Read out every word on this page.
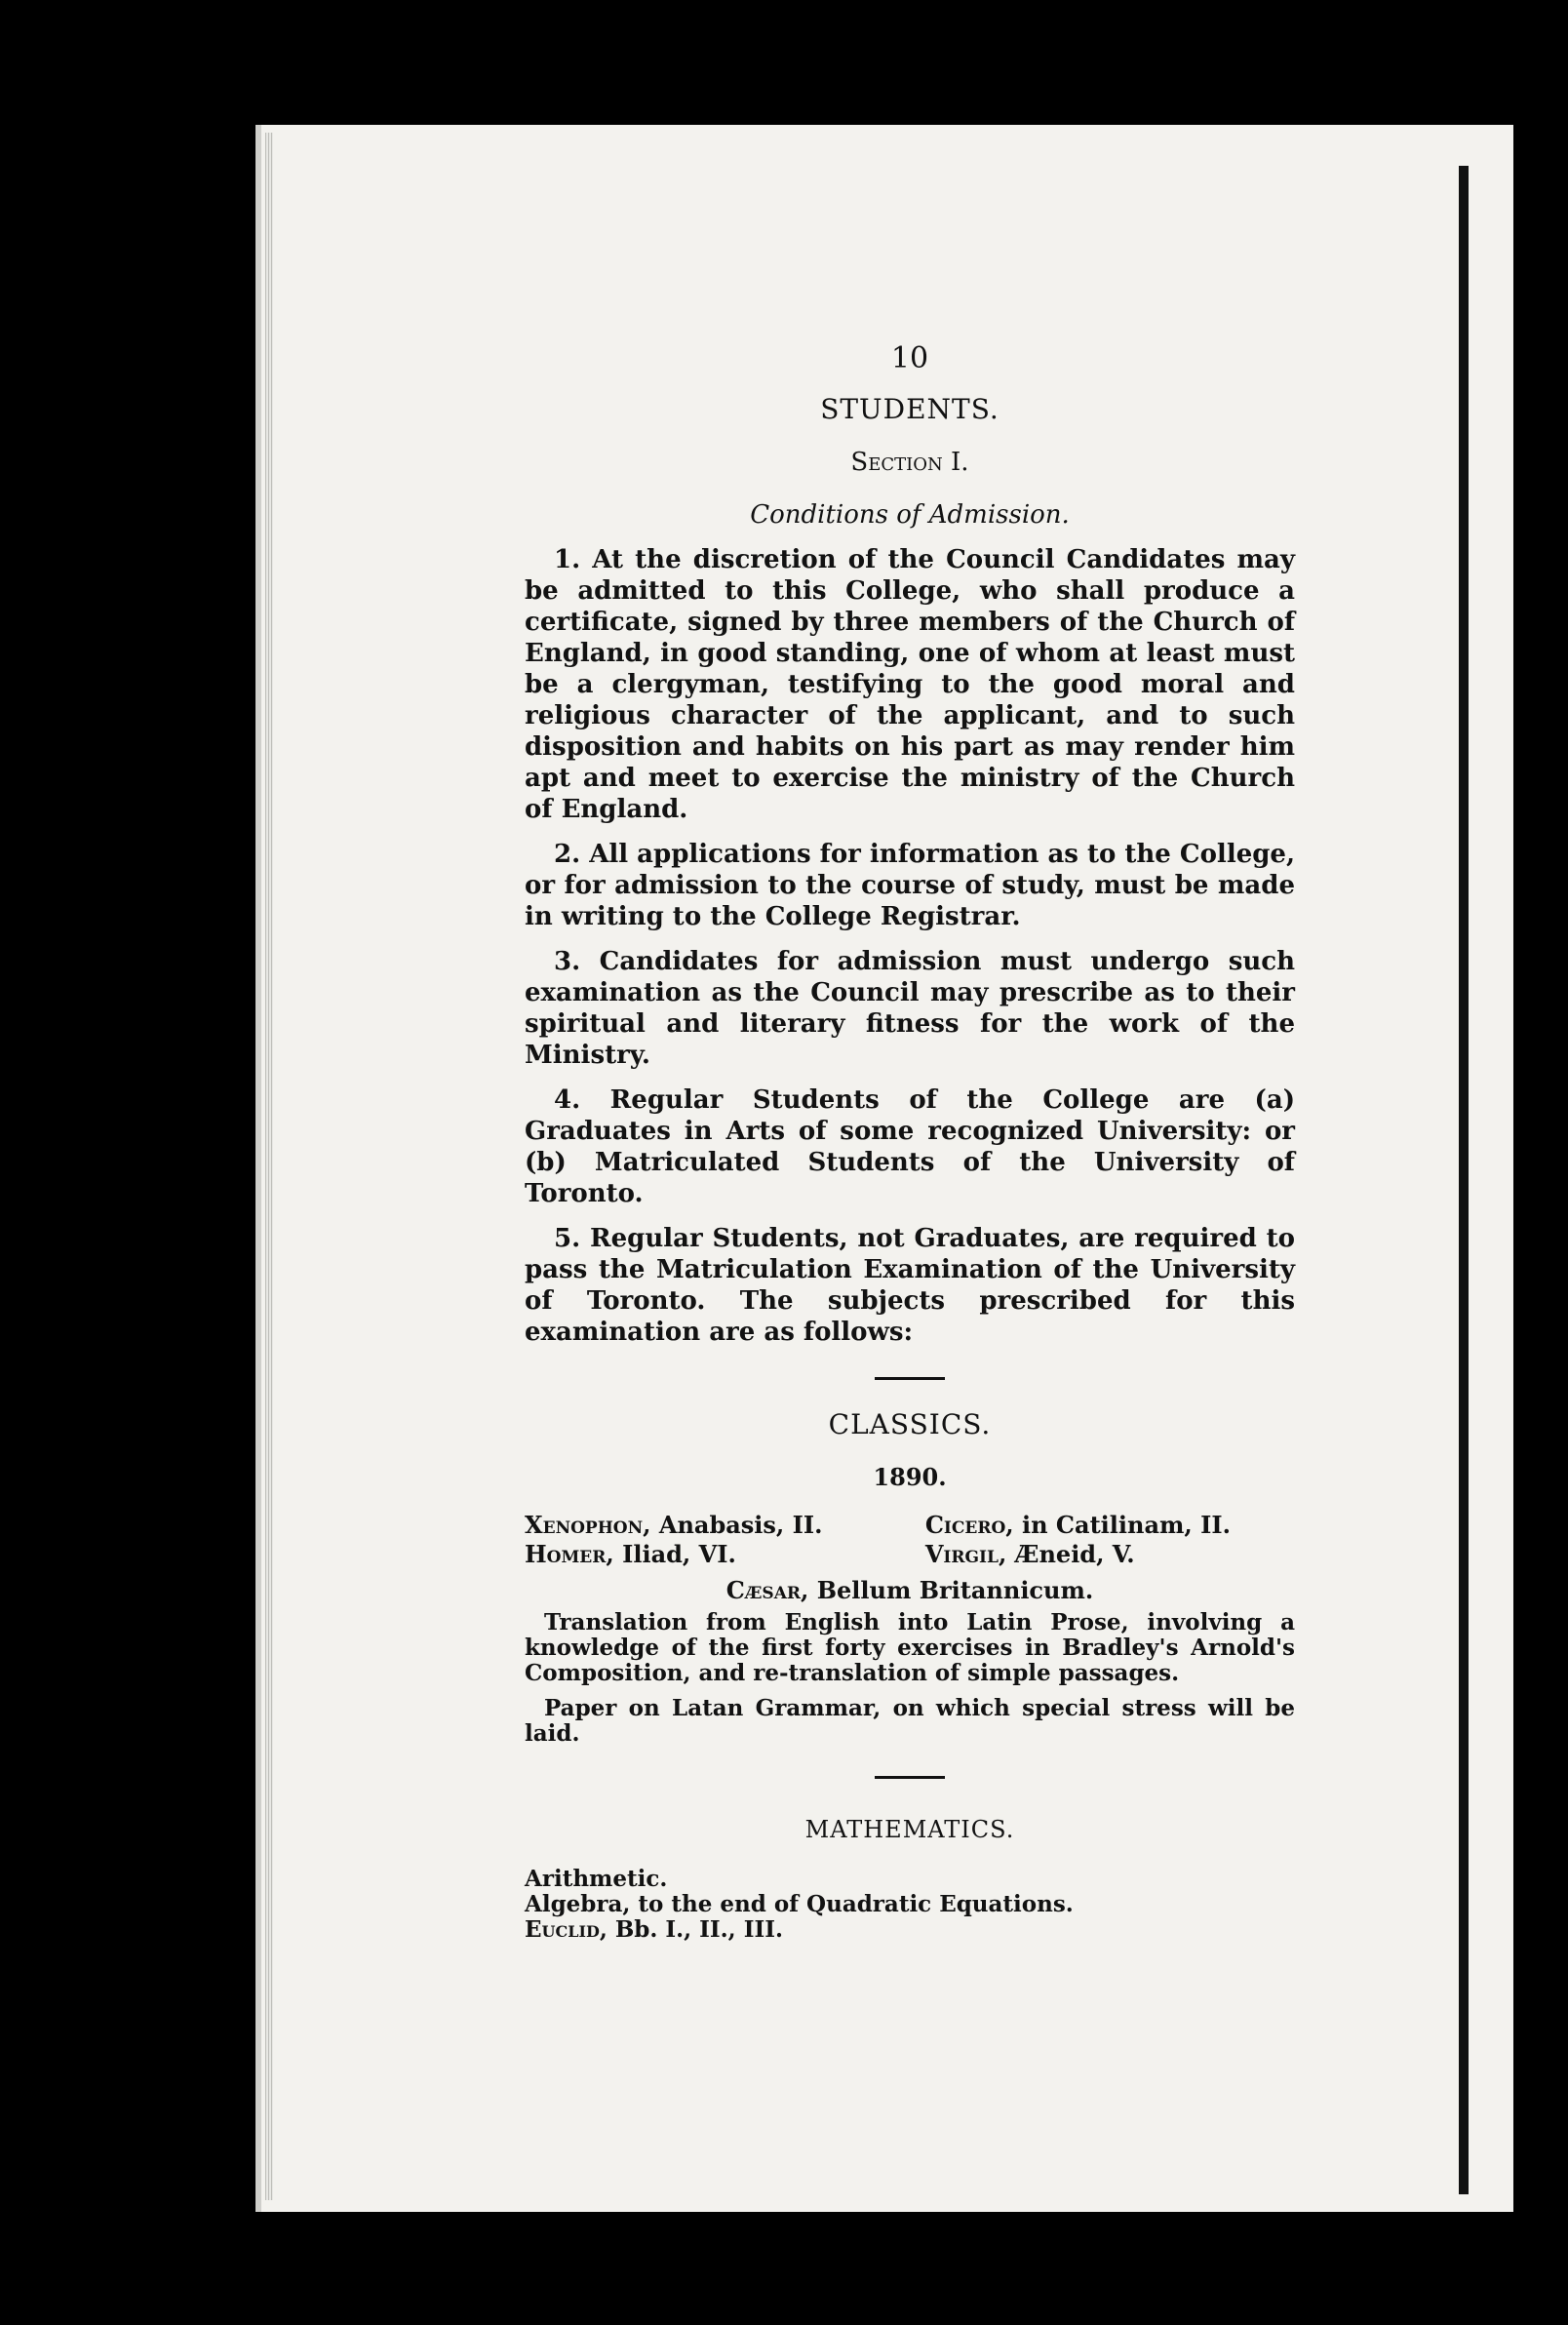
10
STUDENTS.
Section I.
Conditions of Admission.

1. At the discretion of the Council Candidates may be admitted to this College, who shall produce a certificate, signed by three members of the Church of England, in good standing, one of whom at least must be a clergyman, testifying to the good moral and religious character of the applicant, and to such disposition and habits on his part as may render him apt and meet to exercise the ministry of the Church of England.

2. All applications for information as to the College, or for admission to the course of study, must be made in writing to the College Registrar.

3. Candidates for admission must undergo such examination as the Council may prescribe as to their spiritual and literary fitness for the work of the Ministry.

4. Regular Students of the College are (a) Graduates in Arts of some recognized University: or (b) Matriculated Students of the University of Toronto.

5. Regular Students, not Graduates, are required to pass the Matriculation Examination of the University of Toronto. The subjects prescribed for this examination are as follows:

CLASSICS.
1890.
Xenophon, Anabasis, II.
Homer, Iliad, VI.
Cicero, in Catilinam, II.
Virgil, Æneid, V.
Cæsar, Bellum Britannicum.

Translation from English into Latin Prose, involving a knowledge of the first forty exercises in Bradley's Arnold's Composition, and re-translation of simple passages.

Paper on Latan Grammar, on which special stress will be laid.

MATHEMATICS.
Arithmetic.
Algebra, to the end of Quadratic Equations.
Euclid, Bb. I., II., III.
